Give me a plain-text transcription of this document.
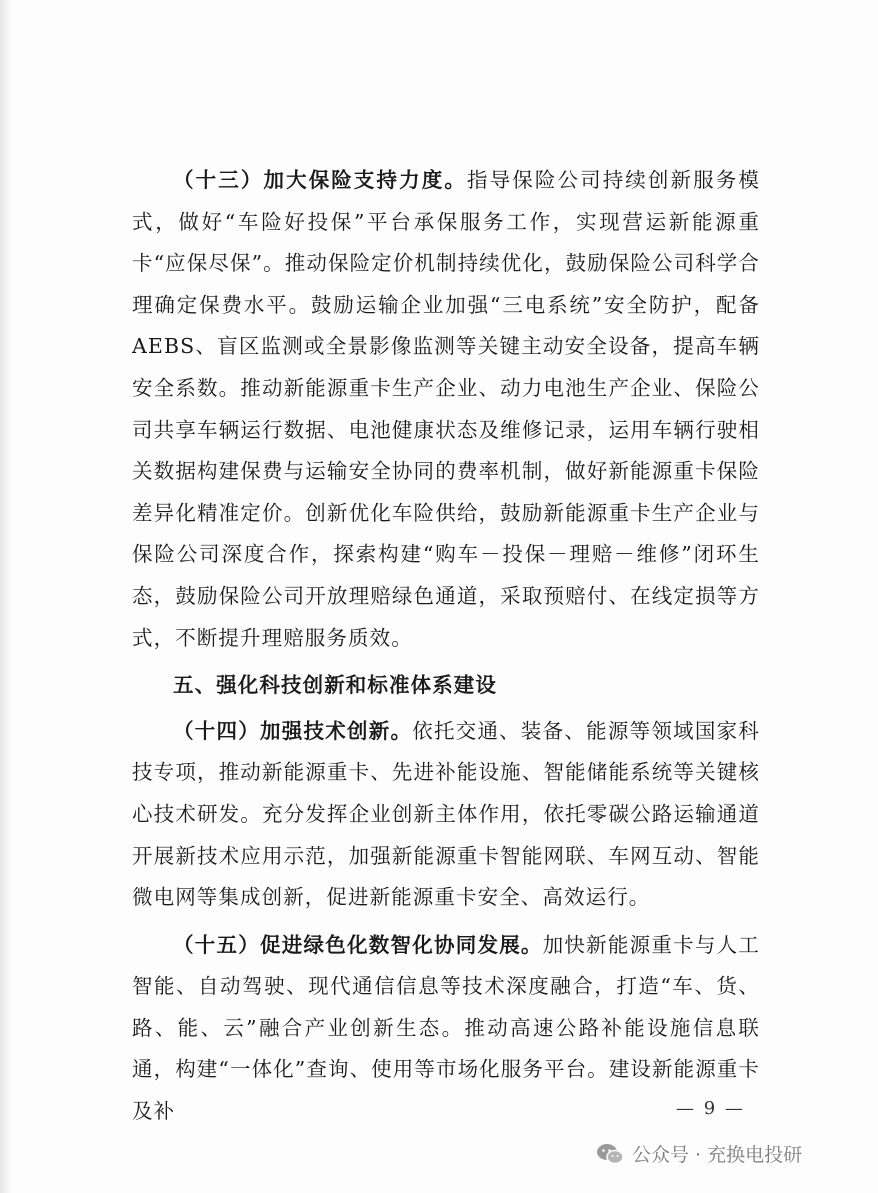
（十三）加大保险支持力度。指导保险公司持续创新服务模式，做好“车险好投保”平台承保服务工作，实现营运新能源重卡“应保尽保”。推动保险定价机制持续优化，鼓励保险公司科学合理确定保费水平。鼓励运输企业加强“三电系统”安全防护，配备AEBS、盲区监测或全景影像监测等关键主动安全设备，提高车辆安全系数。推动新能源重卡生产企业、动力电池生产企业、保险公司共享车辆运行数据、电池健康状态及维修记录，运用车辆行驶相关数据构建保费与运输安全协同的费率机制，做好新能源重卡保险差异化精准定价。创新优化车险供给，鼓励新能源重卡生产企业与保险公司深度合作，探索构建“购车－投保－理赔－维修”闭环生态，鼓励保险公司开放理赔绿色通道，采取预赔付、在线定损等方式，不断提升理赔服务质效。

五、强化科技创新和标准体系建设

（十四）加强技术创新。依托交通、装备、能源等领域国家科技专项，推动新能源重卡、先进补能设施、智能储能系统等关键核心技术研发。充分发挥企业创新主体作用，依托零碳公路运输通道开展新技术应用示范，加强新能源重卡智能网联、车网互动、智能微电网等集成创新，促进新能源重卡安全、高效运行。

（十五）促进绿色化数智化协同发展。加快新能源重卡与人工智能、自动驾驶、现代通信信息等技术深度融合，打造“车、货、路、能、云”融合产业创新生态。推动高速公路补能设施信息联通，构建“一体化”查询、使用等市场化服务平台。建设新能源重卡及补	— 9 —
公众号 · 充换电投研
